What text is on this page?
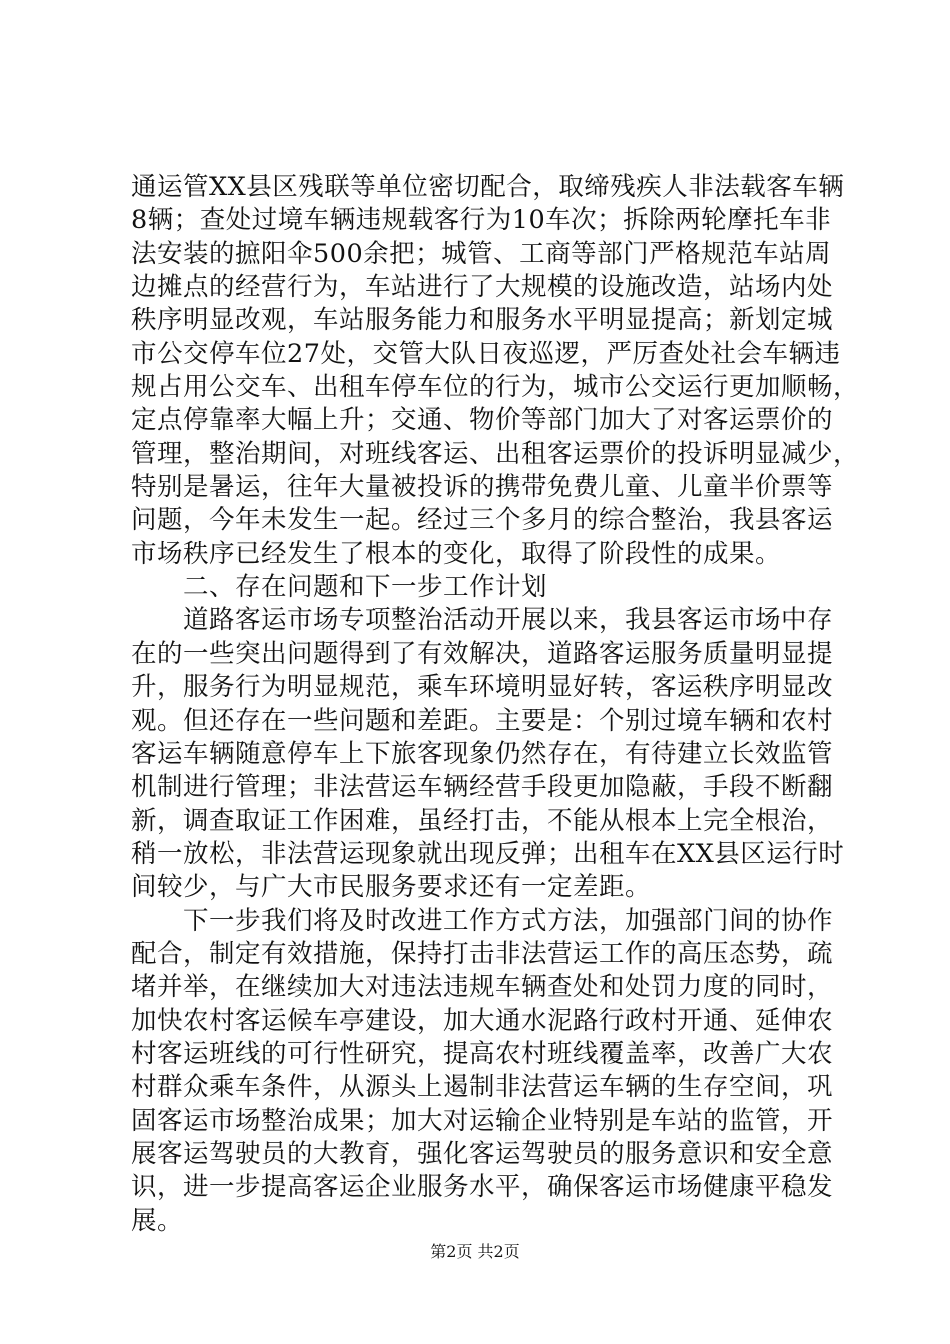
通运管XX县区残联等单位密切配合，取缔残疾人非法载客车辆
8辆；查处过境车辆违规载客行为10车次；拆除两轮摩托车非
法安装的摭阳伞500余把；城管、工商等部门严格规范车站周
边摊点的经营行为，车站进行了大规模的设施改造，站场内处
秩序明显改观，车站服务能力和服务水平明显提高；新划定城
市公交停车位27处，交管大队日夜巡逻，严厉查处社会车辆违
规占用公交车、出租车停车位的行为，城市公交运行更加顺畅，
定点停靠率大幅上升；交通、物价等部门加大了对客运票价的
管理，整治期间，对班线客运、出租客运票价的投诉明显减少，
特别是暑运，往年大量被投诉的携带免费儿童、儿童半价票等
问题，今年未发生一起。经过三个多月的综合整治，我县客运
市场秩序已经发生了根本的变化，取得了阶段性的成果。
　　二、存在问题和下一步工作计划
　　道路客运市场专项整治活动开展以来，我县客运市场中存
在的一些突出问题得到了有效解决，道路客运服务质量明显提
升，服务行为明显规范，乘车环境明显好转，客运秩序明显改
观。但还存在一些问题和差距。主要是：个别过境车辆和农村
客运车辆随意停车上下旅客现象仍然存在，有待建立长效监管
机制进行管理；非法营运车辆经营手段更加隐蔽，手段不断翻
新，调查取证工作困难，虽经打击，不能从根本上完全根治，
稍一放松，非法营运现象就出现反弹；出租车在XX县区运行时
间较少，与广大市民服务要求还有一定差距。
　　下一步我们将及时改进工作方式方法，加强部门间的协作
配合，制定有效措施，保持打击非法营运工作的高压态势，疏
堵并举，在继续加大对违法违规车辆查处和处罚力度的同时，
加快农村客运候车亭建设，加大通水泥路行政村开通、延伸农
村客运班线的可行性研究，提高农村班线覆盖率，改善广大农
村群众乘车条件，从源头上遏制非法营运车辆的生存空间，巩
固客运市场整治成果；加大对运输企业特别是车站的监管，开
展客运驾驶员的大教育，强化客运驾驶员的服务意识和安全意
识，进一步提高客运企业服务水平，确保客运市场健康平稳发
展。
第2页 共2页
